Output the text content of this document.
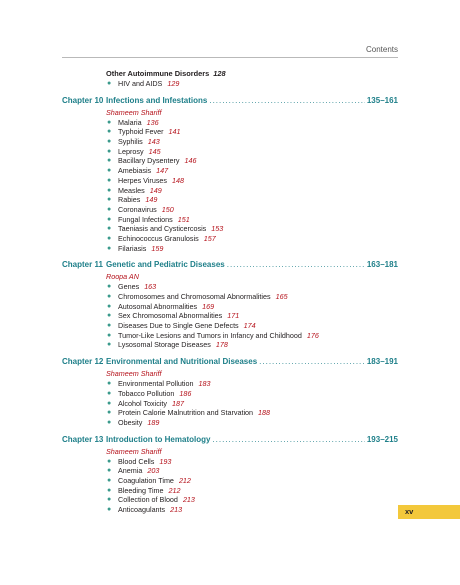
Contents
Other Autoimmune Disorders 128
● HIV and AIDS 129
Chapter 10 Infections and Infestations .....	135–161
Shameem Shariff
● Malaria 136
● Typhoid Fever 141
● Syphilis 143
● Leprosy 145
● Bacillary Dysentery 146
● Amebiasis 147
● Herpes Viruses 148
● Measles 149
● Rabies 149
● Coronavirus 150
● Fungal Infections 151
● Taeniasis and Cysticercosis 153
● Echinococcus Granulosis 157
● Filariasis 159
Chapter 11 Genetic and Pediatric Diseases .....	163–181
Roopa AN
● Genes 163
● Chromosomes and Chromosomal Abnormalities 165
● Autosomal Abnormalities 169
● Sex Chromosomal Abnormalities 171
● Diseases Due to Single Gene Defects 174
● Tumor-Like Lesions and Tumors in Infancy and Childhood 176
● Lysosomal Storage Diseases 178
Chapter 12 Environmental and Nutritional Diseases .....	183–191
Shameem Shariff
● Environmental Pollution 183
● Tobacco Pollution 186
● Alcohol Toxicity 187
● Protein Calorie Malnutrition and Starvation 188
● Obesity 189
Chapter 13 Introduction to Hematology .....	193–215
Shameem Shariff
● Blood Cells 193
● Anemia 203
● Coagulation Time 212
● Bleeding Time 212
● Collection of Blood 213
● Anticoagulants 213	xv
